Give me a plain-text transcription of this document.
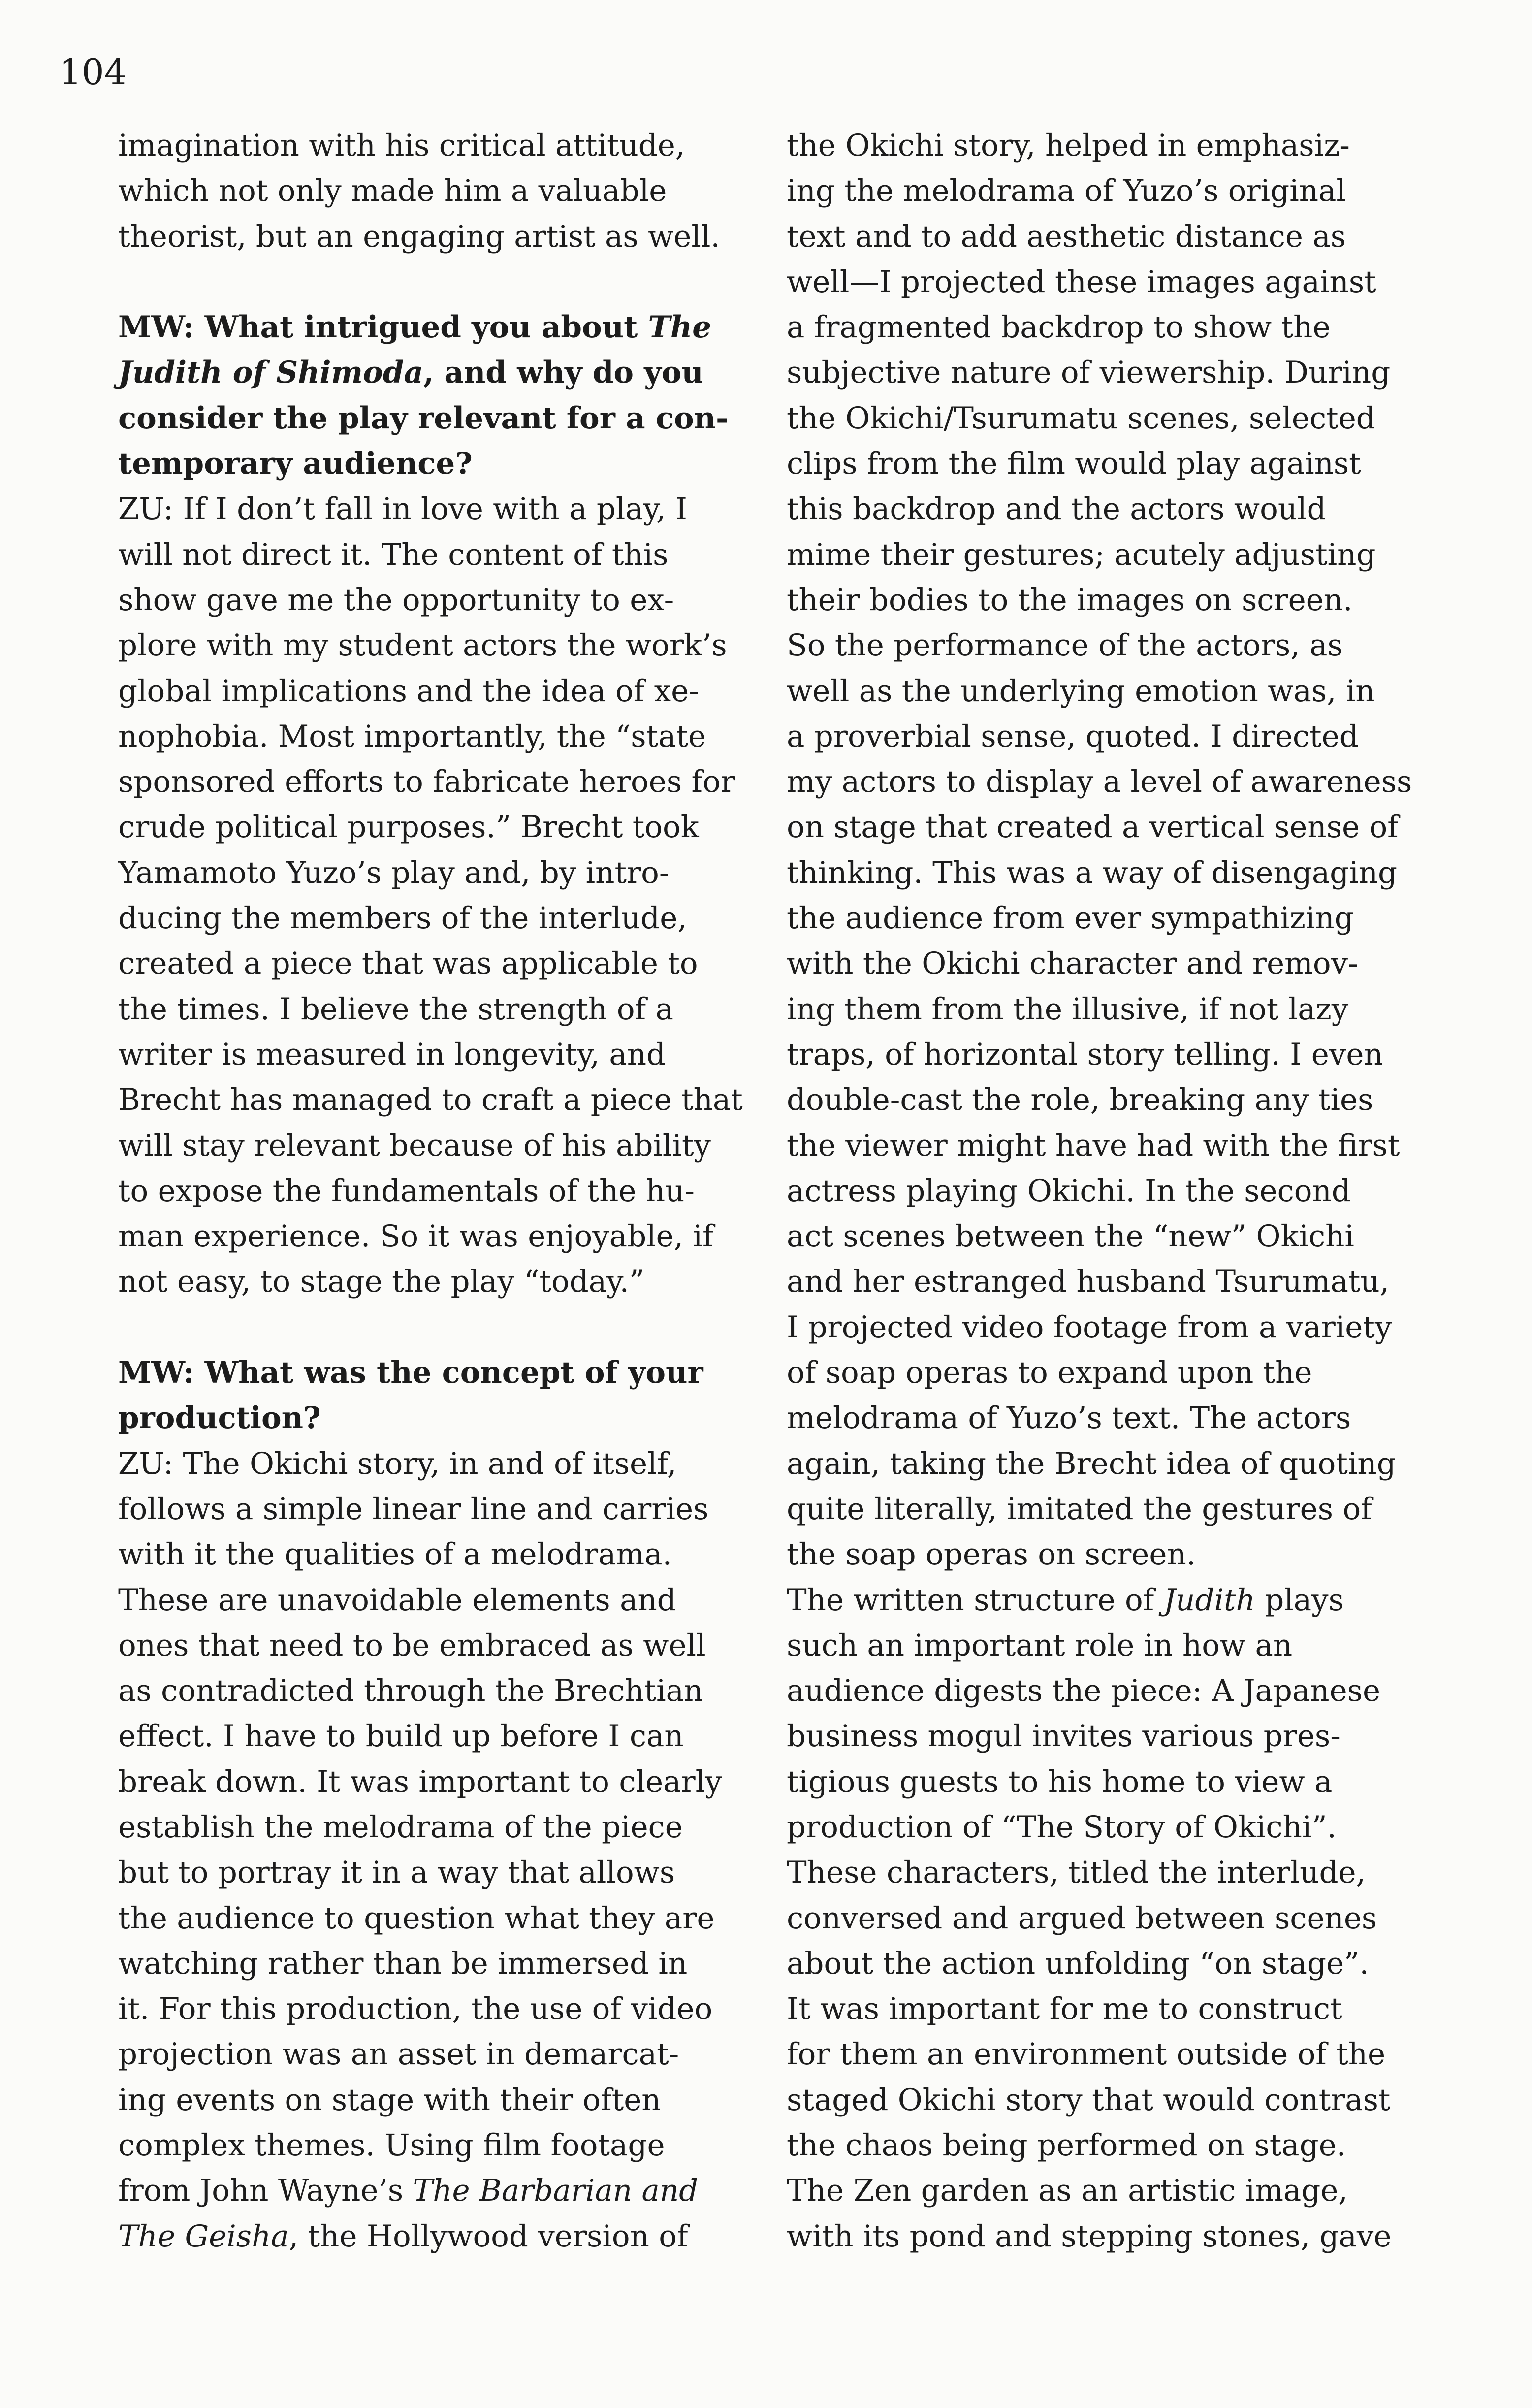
104
imagination with his critical attitude,
which not only made him a valuable
theorist, but an engaging artist as well.
MW: What intrigued you about The
Judith of Shimoda, and why do you
consider the play relevant for a con-
temporary audience?
ZU: If I don’t fall in love with a play, I
will not direct it. The content of this
show gave me the opportunity to ex-
plore with my student actors the work’s
global implications and the idea of xe-
nophobia. Most importantly, the “state
sponsored efforts to fabricate heroes for
crude political purposes.” Brecht took
Yamamoto Yuzo’s play and, by intro-
ducing the members of the interlude,
created a piece that was applicable to
the times. I believe the strength of a
writer is measured in longevity, and
Brecht has managed to craft a piece that
will stay relevant because of his ability
to expose the fundamentals of the hu-
man experience. So it was enjoyable, if
not easy, to stage the play “today.”
MW: What was the concept of your
production?
ZU: The Okichi story, in and of itself,
follows a simple linear line and carries
with it the qualities of a melodrama.
These are unavoidable elements and
ones that need to be embraced as well
as contradicted through the Brechtian
effect. I have to build up before I can
break down. It was important to clearly
establish the melodrama of the piece
but to portray it in a way that allows
the audience to question what they are
watching rather than be immersed in
it. For this production, the use of video
projection was an asset in demarcat-
ing events on stage with their often
complex themes. Using film footage
from John Wayne’s The Barbarian and
The Geisha, the Hollywood version of
the Okichi story, helped in emphasiz-
ing the melodrama of Yuzo’s original
text and to add aesthetic distance as
well—I projected these images against
a fragmented backdrop to show the
subjective nature of viewership. During
the Okichi/Tsurumatu scenes, selected
clips from the film would play against
this backdrop and the actors would
mime their gestures; acutely adjusting
their bodies to the images on screen.
So the performance of the actors, as
well as the underlying emotion was, in
a proverbial sense, quoted. I directed
my actors to display a level of awareness
on stage that created a vertical sense of
thinking. This was a way of disengaging
the audience from ever sympathizing
with the Okichi character and remov-
ing them from the illusive, if not lazy
traps, of horizontal story telling. I even
double-cast the role, breaking any ties
the viewer might have had with the first
actress playing Okichi. In the second
act scenes between the “new” Okichi
and her estranged husband Tsurumatu,
I projected video footage from a variety
of soap operas to expand upon the
melodrama of Yuzo’s text. The actors
again, taking the Brecht idea of quoting
quite literally, imitated the gestures of
the soap operas on screen.
The written structure of Judith plays
such an important role in how an
audience digests the piece: A Japanese
business mogul invites various pres-
tigious guests to his home to view a
production of “The Story of Okichi”.
These characters, titled the interlude,
conversed and argued between scenes
about the action unfolding “on stage”.
It was important for me to construct
for them an environment outside of the
staged Okichi story that would contrast
the chaos being performed on stage.
The Zen garden as an artistic image,
with its pond and stepping stones, gave
